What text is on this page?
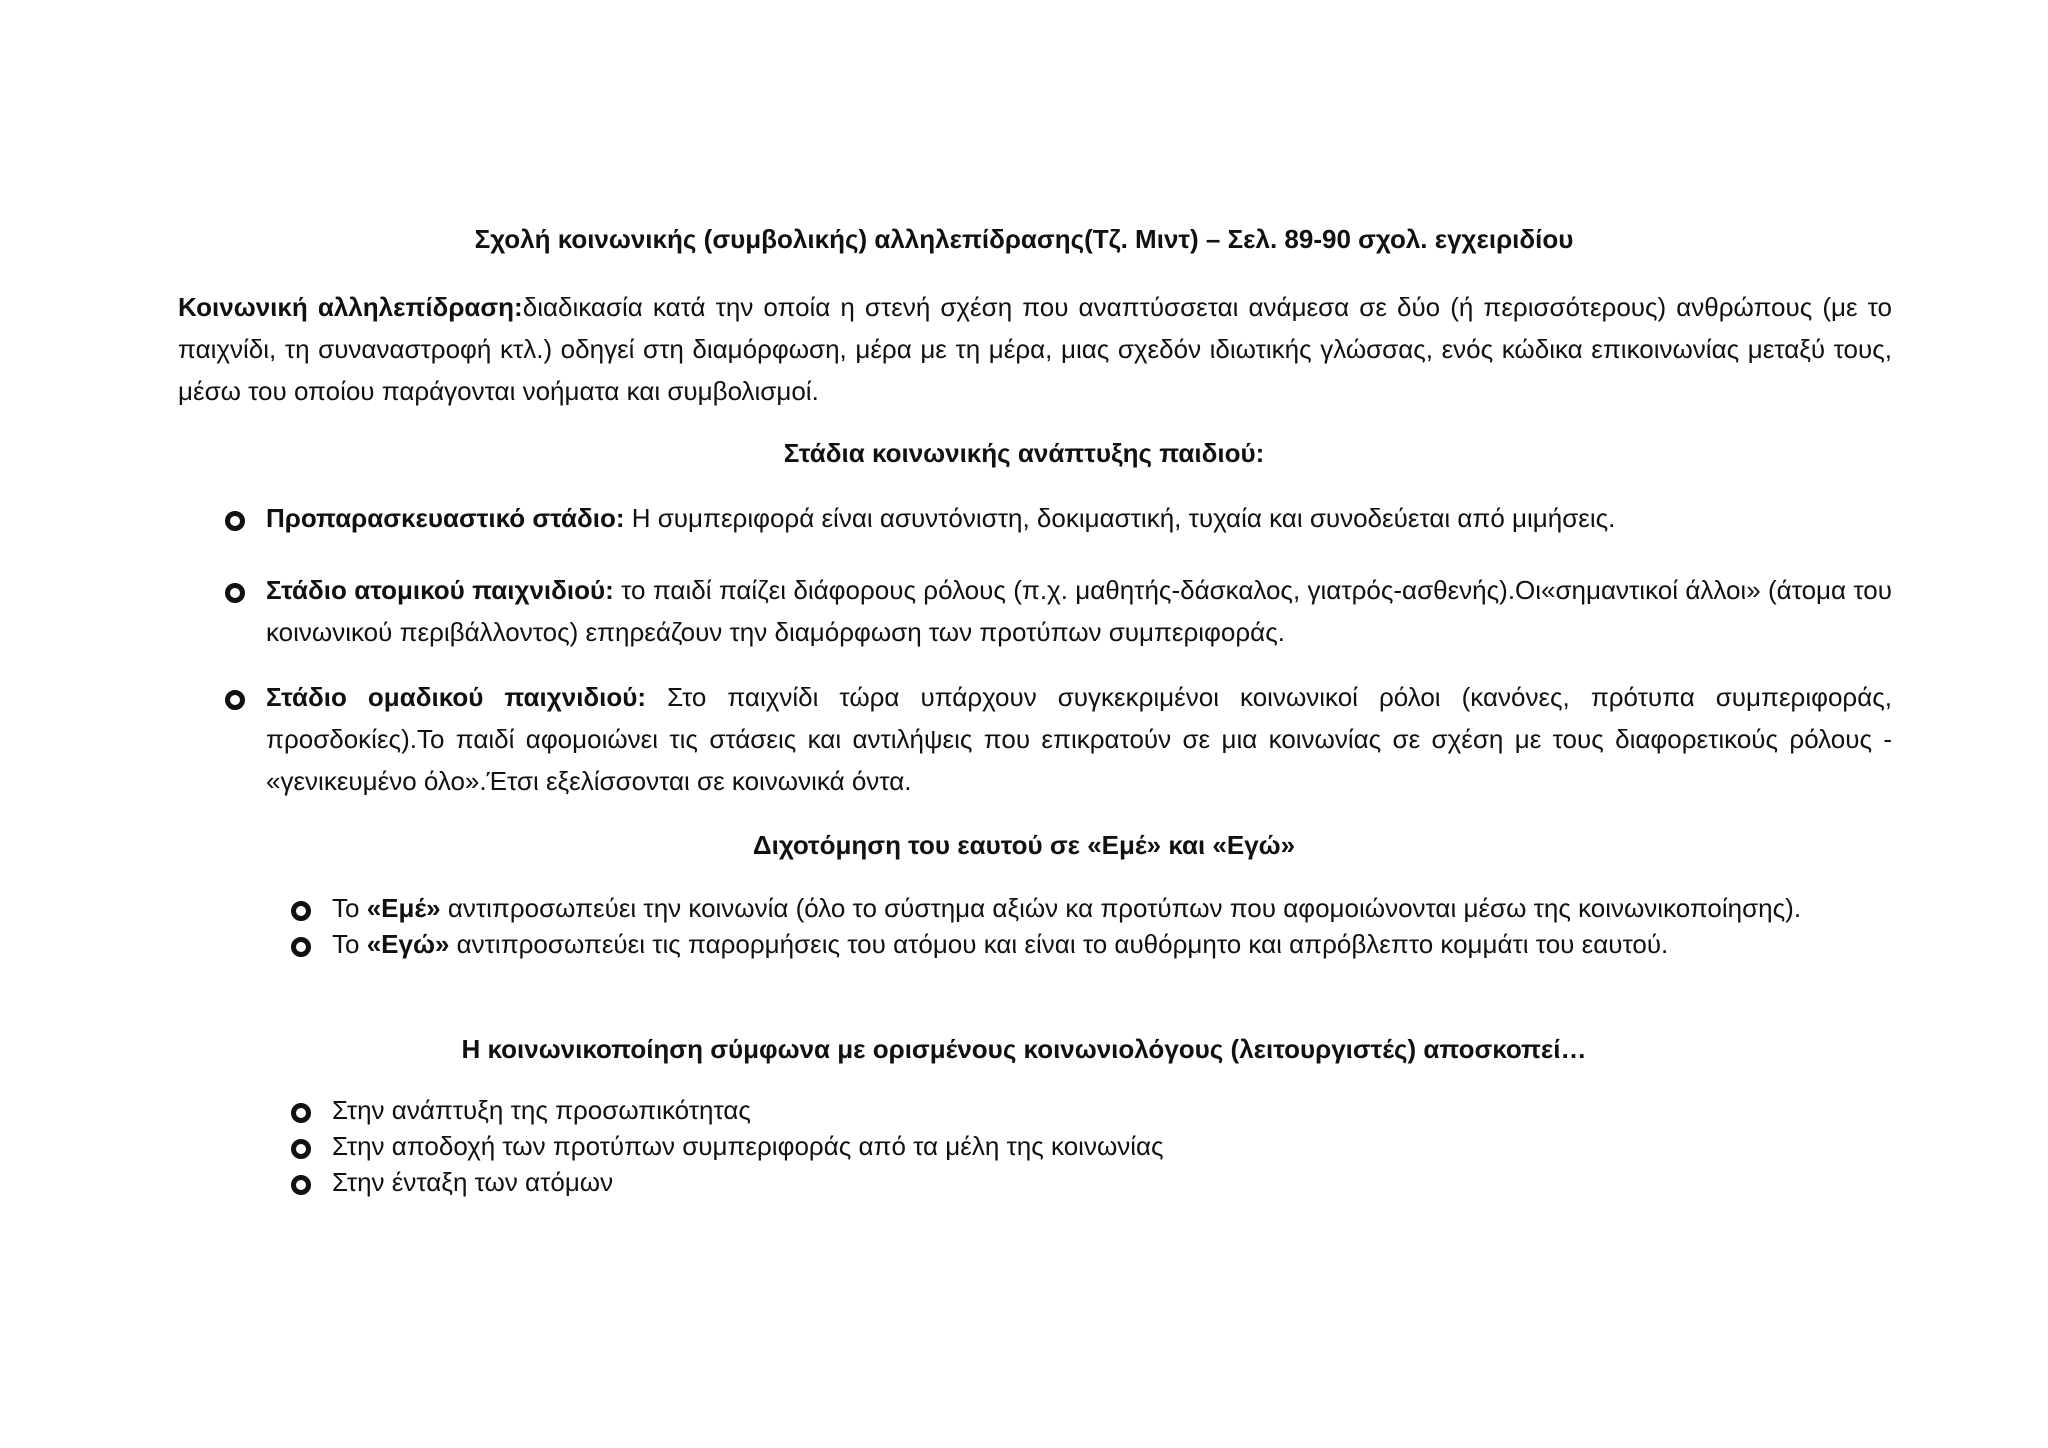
Σχολή κοινωνικής (συμβολικής) αλληλεπίδρασης(Τζ. Μιντ) – Σελ. 89-90 σχολ. εγχειριδίου
Κοινωνική αλληλεπίδραση:διαδικασία κατά την οποία η στενή σχέση που αναπτύσσεται ανάμεσα σε δύο (ή περισσότερους) ανθρώπους (με το παιχνίδι, τη συναναστροφή κτλ.) οδηγεί στη διαμόρφωση, μέρα με τη μέρα, μιας σχεδόν ιδιωτικής γλώσσας, ενός κώδικα επικοινωνίας μεταξύ τους, μέσω του οποίου παράγονται νοήματα και συμβολισμοί.
Στάδια κοινωνικής ανάπτυξης παιδιού:
Προπαρασκευαστικό στάδιο: Η συμπεριφορά είναι ασυντόνιστη, δοκιμαστική, τυχαία και συνοδεύεται από μιμήσεις.
Στάδιο ατομικού παιχνιδιού: το παιδί παίζει διάφορους ρόλους (π.χ. μαθητής-δάσκαλος, γιατρός-ασθενής).Οι«σημαντικοί άλλοι» (άτομα του κοινωνικού περιβάλλοντος) επηρεάζουν την διαμόρφωση των προτύπων συμπεριφοράς.
Στάδιο ομαδικού παιχνιδιού: Στο παιχνίδι τώρα υπάρχουν συγκεκριμένοι κοινωνικοί ρόλοι (κανόνες, πρότυπα συμπεριφοράς, προσδοκίες).Το παιδί αφομοιώνει τις στάσεις και αντιλήψεις που επικρατούν σε μια κοινωνίας σε σχέση με τους διαφορετικούς ρόλους - «γενικευμένο όλο».Έτσι εξελίσσονται σε κοινωνικά όντα.
Διχοτόμηση του εαυτού σε «Εμέ» και «Εγώ»
Το «Εμέ» αντιπροσωπεύει την κοινωνία (όλο το σύστημα αξιών κα προτύπων που αφομοιώνονται μέσω της κοινωνικοποίησης).
Το «Εγώ» αντιπροσωπεύει τις παρορμήσεις του ατόμου και είναι το αυθόρμητο και απρόβλεπτο κομμάτι του εαυτού.
Η κοινωνικοποίηση σύμφωνα με ορισμένους κοινωνιολόγους (λειτουργιστές) αποσκοπεί…
Στην ανάπτυξη της προσωπικότητας
Στην αποδοχή των προτύπων συμπεριφοράς από τα μέλη της κοινωνίας
Στην ένταξη των ατόμων
